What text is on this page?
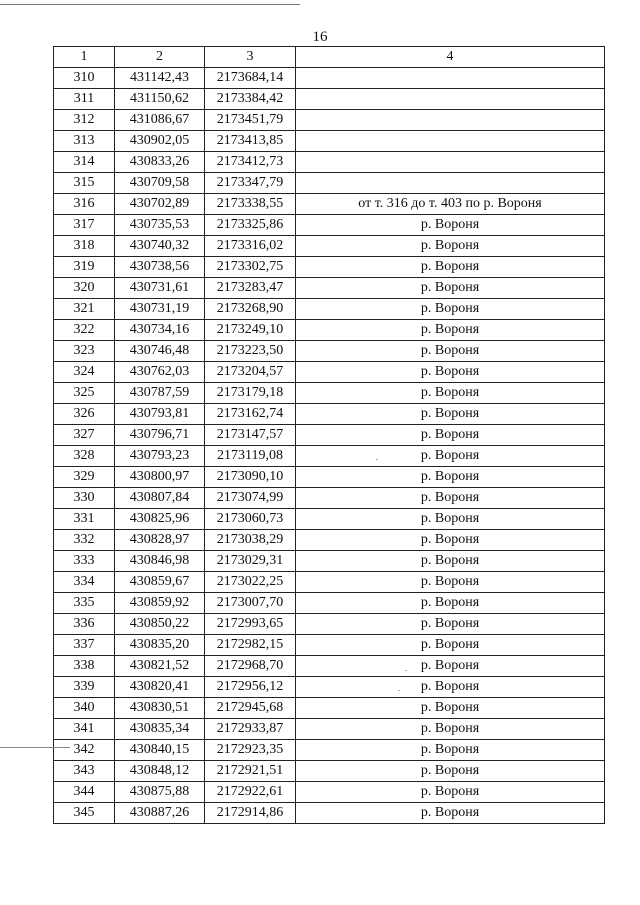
16
1	2	3	4
310	431142,43	2173684,14	
311	431150,62	2173384,42	
312	431086,67	2173451,79	
313	430902,05	2173413,85	
314	430833,26	2173412,73	
315	430709,58	2173347,79	
316	430702,89	2173338,55	от т. 316 до т. 403 по р. Вороня
317	430735,53	2173325,86	р. Вороня
318	430740,32	2173316,02	р. Вороня
319	430738,56	2173302,75	р. Вороня
320	430731,61	2173283,47	р. Вороня
321	430731,19	2173268,90	р. Вороня
322	430734,16	2173249,10	р. Вороня
323	430746,48	2173223,50	р. Вороня
324	430762,03	2173204,57	р. Вороня
325	430787,59	2173179,18	р. Вороня
326	430793,81	2173162,74	р. Вороня
327	430796,71	2173147,57	р. Вороня
328	430793,23	2173119,08	р. Вороня
329	430800,97	2173090,10	р. Вороня
330	430807,84	2173074,99	р. Вороня
331	430825,96	2173060,73	р. Вороня
332	430828,97	2173038,29	р. Вороня
333	430846,98	2173029,31	р. Вороня
334	430859,67	2173022,25	р. Вороня
335	430859,92	2173007,70	р. Вороня
336	430850,22	2172993,65	р. Вороня
337	430835,20	2172982,15	р. Вороня
338	430821,52	2172968,70	р. Вороня
339	430820,41	2172956,12	р. Вороня
340	430830,51	2172945,68	р. Вороня
341	430835,34	2172933,87	р. Вороня
342	430840,15	2172923,35	р. Вороня
343	430848,12	2172921,51	р. Вороня
344	430875,88	2172922,61	р. Вороня
345	430887,26	2172914,86	р. Вороня
